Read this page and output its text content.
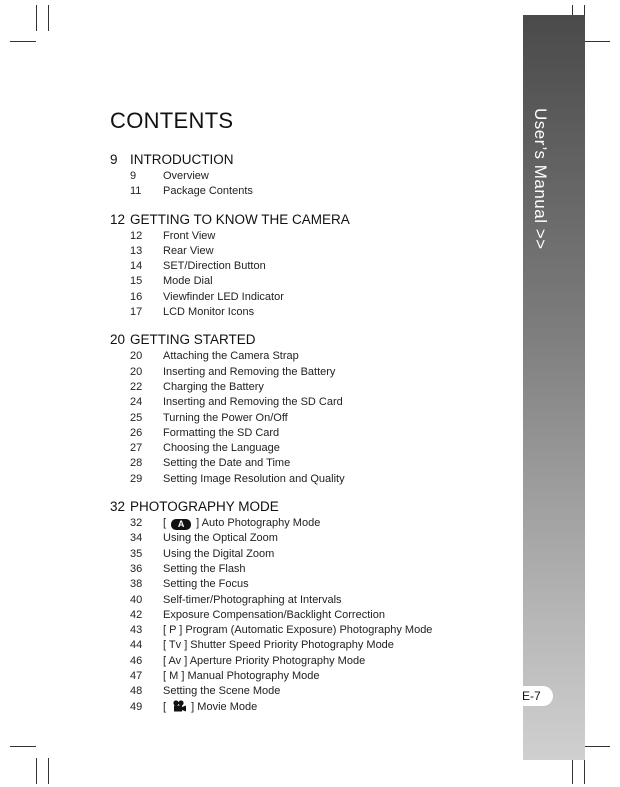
User’s Manual >>
E-7
CONTENTS
9 INTRODUCTION
9 Overview
11 Package Contents
12 GETTING TO KNOW THE CAMERA
12 Front View
13 Rear View
14 SET/Direction Button
15 Mode Dial
16 Viewfinder LED Indicator
17 LCD Monitor Icons
20 GETTING STARTED
20 Attaching the Camera Strap
20 Inserting and Removing the Battery
22 Charging the Battery
24 Inserting and Removing the SD Card
25 Turning the Power On/Off
26 Formatting the SD Card
27 Choosing the Language
28 Setting the Date and Time
29 Setting Image Resolution and Quality
32 PHOTOGRAPHY MODE
32 [ A ] Auto Photography Mode
34 Using the Optical Zoom
35 Using the Digital Zoom
36 Setting the Flash
38 Setting the Focus
40 Self-timer/Photographing at Intervals
42 Exposure Compensation/Backlight Correction
43 [ P ] Program (Automatic Exposure) Photography Mode
44 [ Tv ] Shutter Speed Priority Photography Mode
46 [ Av ] Aperture Priority Photography Mode
47 [ M ] Manual Photography Mode
48 Setting the Scene Mode
49 [  ] Movie Mode
